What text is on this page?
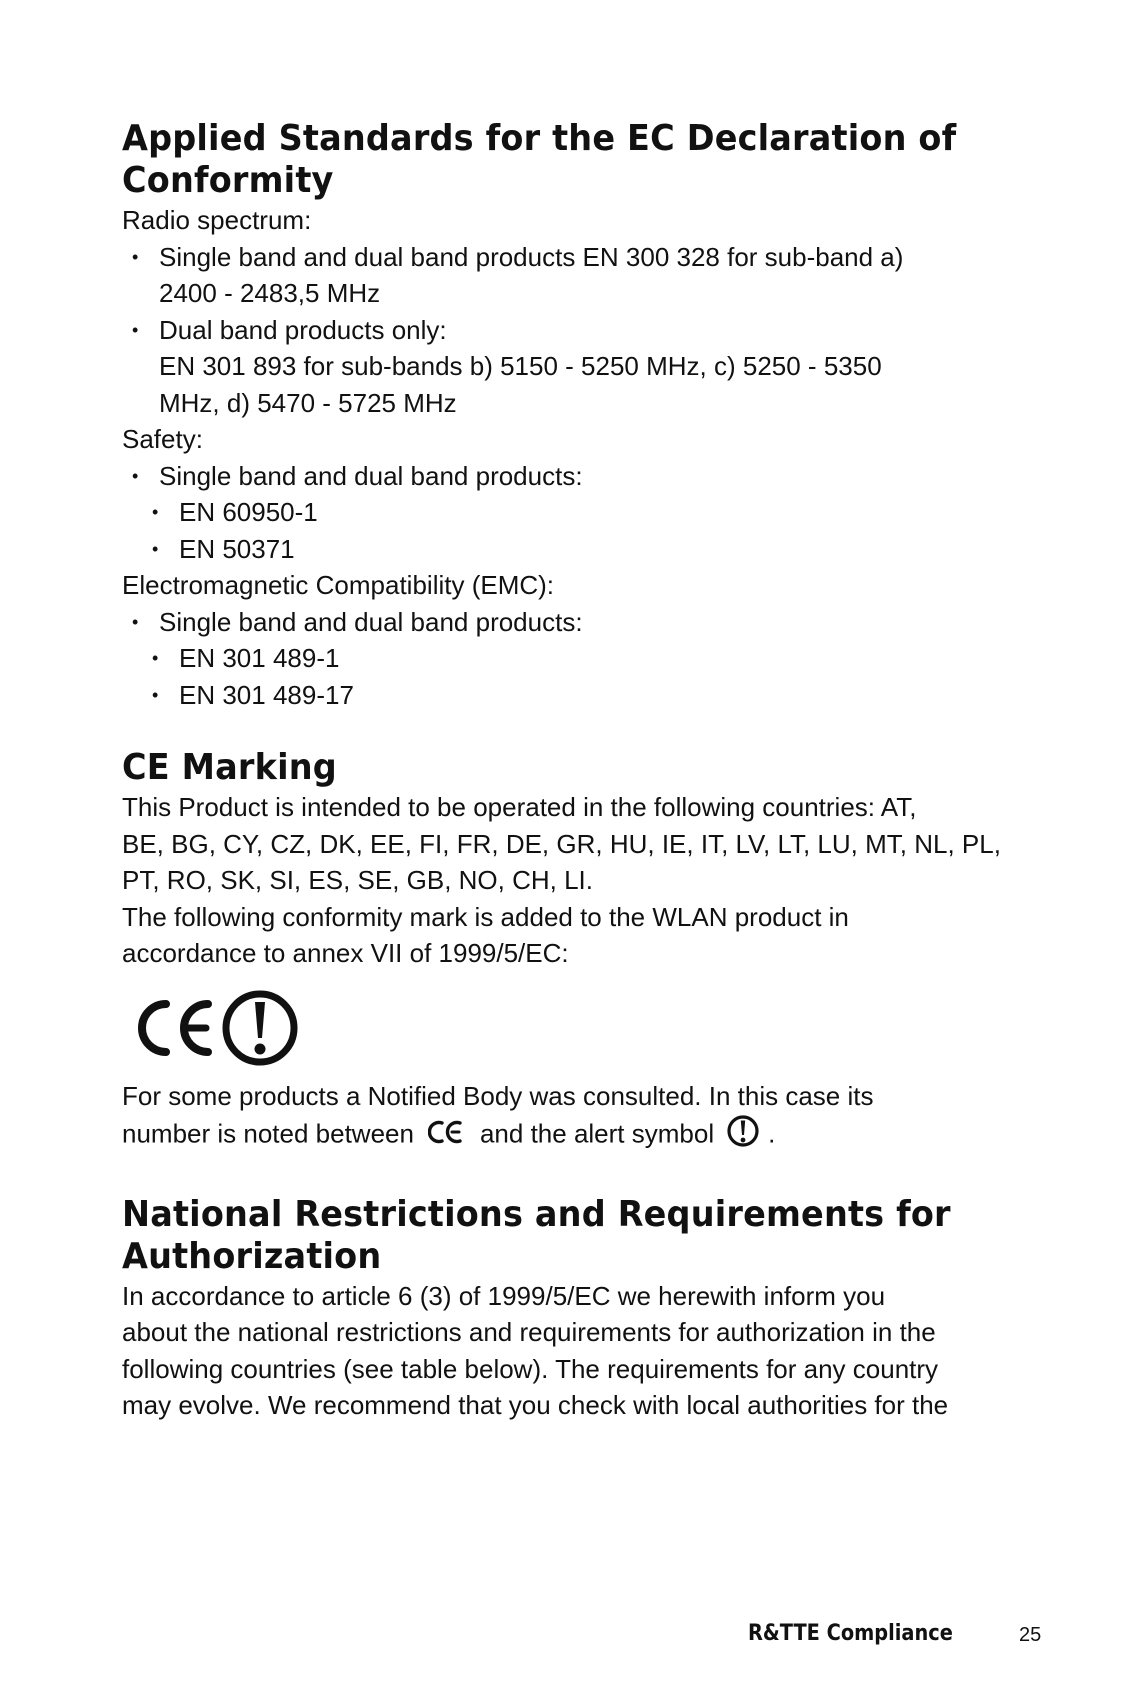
Applied Standards for the EC Declaration of
Conformity
Radio spectrum:
• Single band and dual band products EN 300 328 for sub-band a)
2400 - 2483,5 MHz
• Dual band products only:
EN 301 893 for sub-bands b) 5150 - 5250 MHz, c) 5250 - 5350
MHz, d) 5470 - 5725 MHz
Safety:
• Single band and dual band products:
• EN 60950-1
• EN 50371
Electromagnetic Compatibility (EMC):
• Single band and dual band products:
• EN 301 489-1
• EN 301 489-17
CE Marking

This Product is intended to be operated in the following countries: AT,
BE, BG, CY, CZ, DK, EE, FI, FR, DE, GR, HU, IE, IT, LV, LT, LU, MT, NL, PL,
PT, RO, SK, SI, ES, SE, GB, NO, CH, LI.

The following conformity mark is added to the WLAN product in
accordance to annex VII of 1999/5/EC:

For some products a Notified Body was consulted. In this case its
number is noted between	and the alert symbol .

National Restrictions and Requirements for
Authorization

In accordance to article 6 (3) of 1999/5/EC we herewith inform you
about the national restrictions and requirements for authorization in the
following countries (see table below). The requirements for any country
may evolve. We recommend that you check with local authorities for the

R&TTE Compliance	25
